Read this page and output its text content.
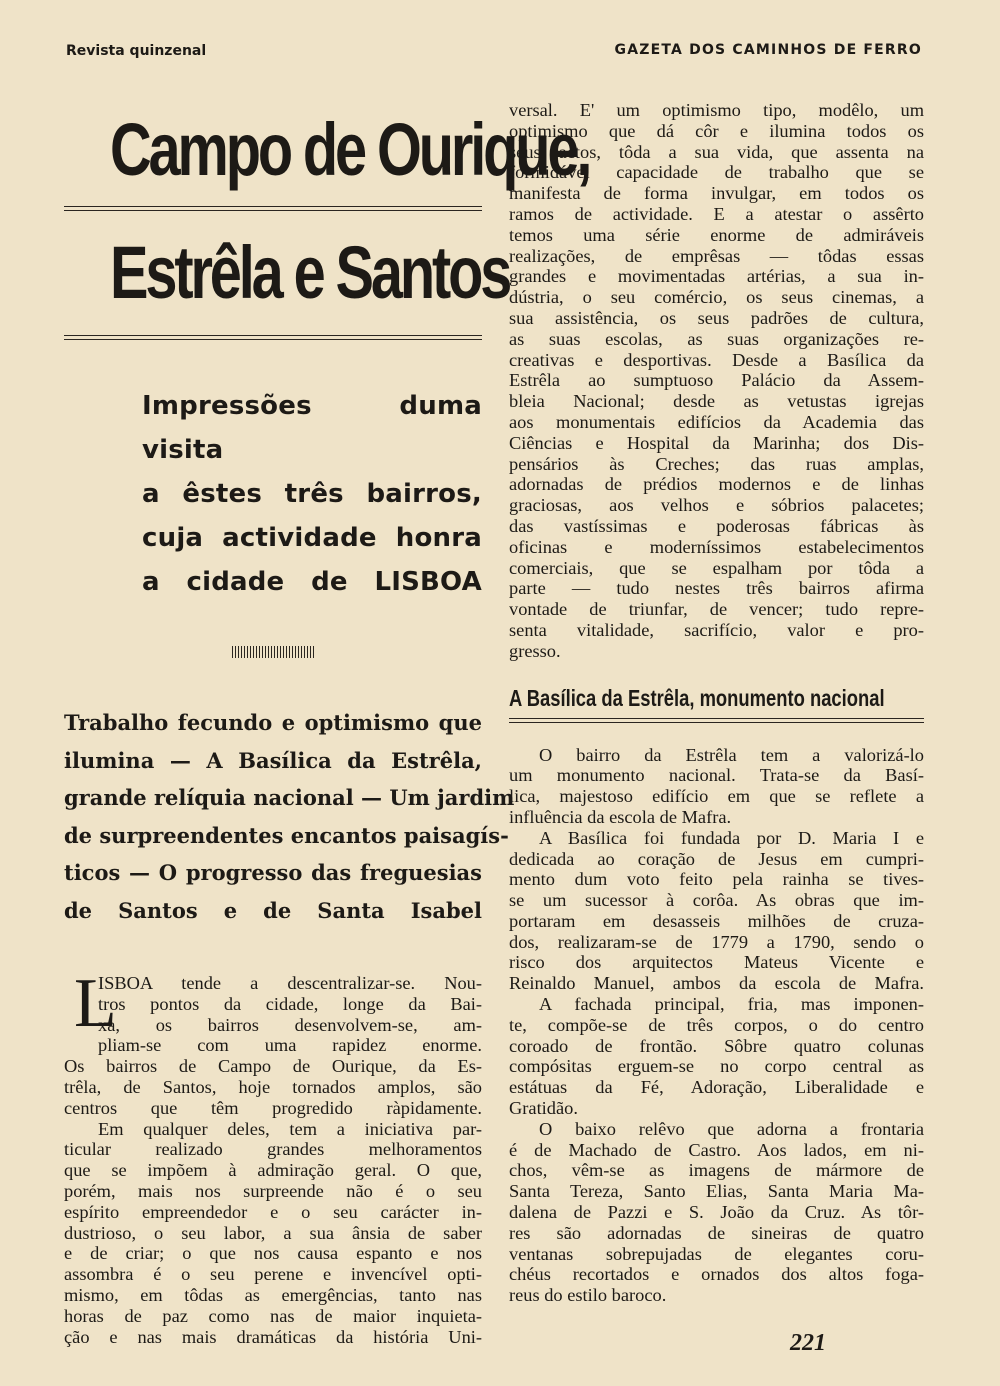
Revista quinzenal	GAZETA DOS CAMINHOS DE FERRO
Campo de Ourique,
Estrêla e Santos
Impressões duma visita
a êstes três bairros,
cuja actividade honra
a cidade de LISBOA
Trabalho fecundo e optimismo que
ilumina — A Basílica da Estrêla,
grande relíquia nacional — Um jardim
de surpreendentes encantos paisagís-
ticos — O progresso das freguesias
de Santos e de Santa Isabel
L
ISBOA tende a descentralizar-se. Nou-
tros pontos da cidade, longe da Bai-
xa, os bairros desenvolvem-se, am-
pliam-se com uma rapidez enorme.
Os bairros de Campo de Ourique, da Es-
trêla, de Santos, hoje tornados amplos, são
centros que têm progredido ràpidamente.
Em qualquer deles, tem a iniciativa par-
ticular realizado grandes melhoramentos
que se impõem à admiração geral. O que,
porém, mais nos surpreende não é o seu
espírito empreendedor e o seu carácter in-
dustrioso, o seu labor, a sua ânsia de saber
e de criar; o que nos causa espanto e nos
assombra é o seu perene e invencível opti-
mismo, em tôdas as emergências, tanto nas
horas de paz como nas de maior inquieta-
ção e nas mais dramáticas da história Uni-
versal. E' um optimismo tipo, modêlo, um
optimismo que dá côr e ilumina todos os
seus actos, tôda a sua vida, que assenta na
formidável capacidade de trabalho que se
manifesta de forma invulgar, em todos os
ramos de actividade. E a atestar o assêrto
temos uma série enorme de admiráveis
realizações, de emprêsas — tôdas essas
grandes e movimentadas artérias, a sua in-
dústria, o seu comércio, os seus cinemas, a
sua assistência, os seus padrões de cultura,
as suas escolas, as suas organizações re-
creativas e desportivas. Desde a Basílica da
Estrêla ao sumptuoso Palácio da Assem-
bleia Nacional; desde as vetustas igrejas
aos monumentais edifícios da Academia das
Ciências e Hospital da Marinha; dos Dis-
pensários às Creches; das ruas amplas,
adornadas de prédios modernos e de linhas
graciosas, aos velhos e sóbrios palacetes;
das vastíssimas e poderosas fábricas às
oficinas e moderníssimos estabelecimentos
comerciais, que se espalham por tôda a
parte — tudo nestes três bairros afirma
vontade de triunfar, de vencer; tudo repre-
senta vitalidade, sacrifício, valor e pro-
gresso.
A Basílica da Estrêla, monumento nacional
O bairro da Estrêla tem a valorizá-lo
um monumento nacional. Trata-se da Basí-
lica, majestoso edifício em que se reflete a
influência da escola de Mafra.
A Basílica foi fundada por D. Maria I e
dedicada ao coração de Jesus em cumpri-
mento dum voto feito pela rainha se tives-
se um sucessor à corôa. As obras que im-
portaram em desasseis milhões de cruza-
dos, realizaram-se de 1779 a 1790, sendo o
risco dos arquitectos Mateus Vicente e
Reinaldo Manuel, ambos da escola de Mafra.
A fachada principal, fria, mas imponen-
te, compõe-se de três corpos, o do centro
coroado de frontão. Sôbre quatro colunas
compósitas erguem-se no corpo central as
estátuas da Fé, Adoração, Liberalidade e
Gratidão.
O baixo relêvo que adorna a frontaria
é de Machado de Castro. Aos lados, em ni-
chos, vêm-se as imagens de mármore de
Santa Tereza, Santo Elias, Santa Maria Ma-
dalena de Pazzi e S. João da Cruz. As tôr-
res são adornadas de sineiras de quatro
ventanas sobrepujadas de elegantes coru-
chéus recortados e ornados dos altos foga-
reus do estilo baroco.
221
